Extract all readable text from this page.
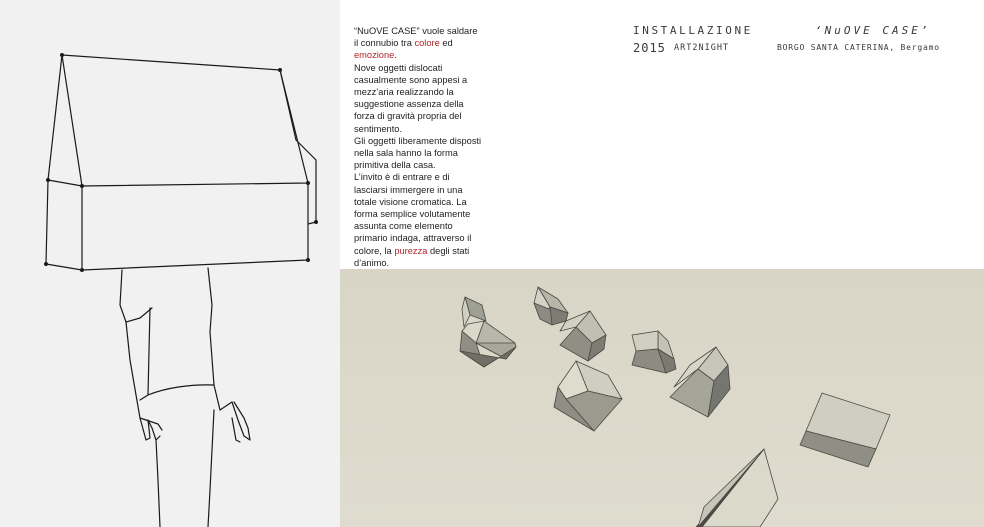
“NuOVE CASE” vuole saldare il connubio tra colore ed emozione.
Nove oggetti dislocati casualmente sono appesi a mezz’aria realizzando la suggestione assenza della forza di gravità propria del sentimento.
Gli oggetti liberamente disposti nella sala hanno la forma primitiva della casa.
L’invito è di entrare e di lasciarsi immergere in una totale visione cromatica. La forma semplice volutamente assunta come elemento primario indaga, attraverso il colore, la purezza degli stati d’animo.
INSTALLAZIONE	‘NuOVE CASE’
2015 ART2NIGHT	BORGO SANTA CATERINA, Bergamo
